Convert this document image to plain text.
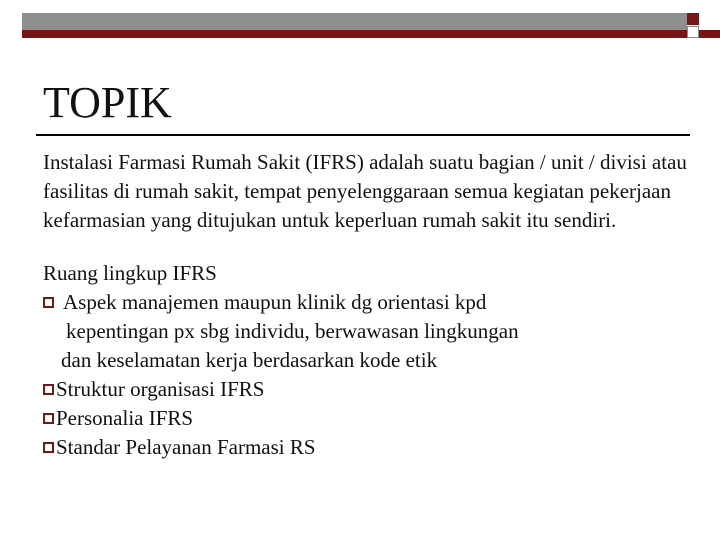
TOPIK

Instalasi Farmasi Rumah Sakit (IFRS) adalah suatu bagian / unit / divisi atau fasilitas di rumah sakit, tempat penyelenggaraan semua kegiatan pekerjaan kefarmasian yang ditujukan untuk keperluan rumah sakit itu sendiri.

Ruang lingkup IFRS

Aspek manajemen maupun klinik dg orientasi kpd
kepentingan px sbg individu, berwawasan lingkungan
dan keselamatan kerja berdasarkan kode etik
Struktur organisasi IFRS
Personalia IFRS
Standar Pelayanan Farmasi RS
